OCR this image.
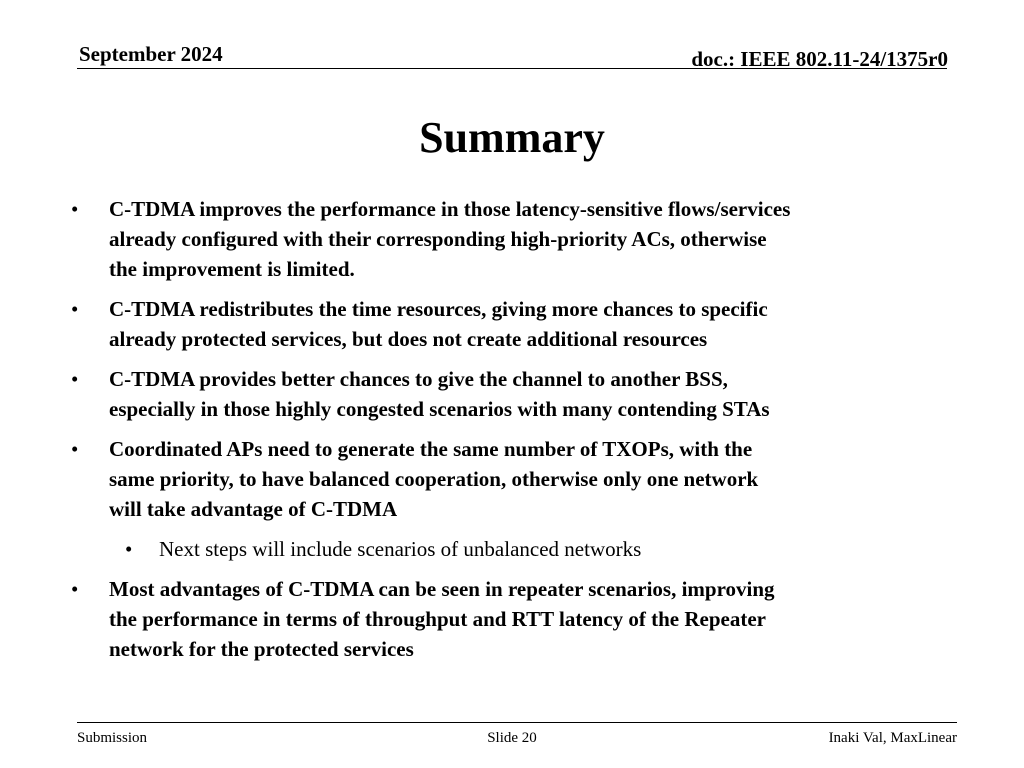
September 2024	doc.: IEEE 802.11-24/1375r0
Summary
• C-TDMA improves the performance in those latency-sensitive flows/services
already configured with their corresponding high-priority ACs, otherwise
the improvement is limited.
• C-TDMA redistributes the time resources, giving more chances to specific
already protected services, but does not create additional resources
• C-TDMA provides better chances to give the channel to another BSS,
especially in those highly congested scenarios with many contending STAs
• Coordinated APs need to generate the same number of TXOPs, with the
same priority, to have balanced cooperation, otherwise only one network
will take advantage of C-TDMA
• Next steps will include scenarios of unbalanced networks
• Most advantages of C-TDMA can be seen in repeater scenarios, improving
the performance in terms of throughput and RTT latency of the Repeater
network for the protected services
Submission	Slide 20	Inaki Val, MaxLinear
